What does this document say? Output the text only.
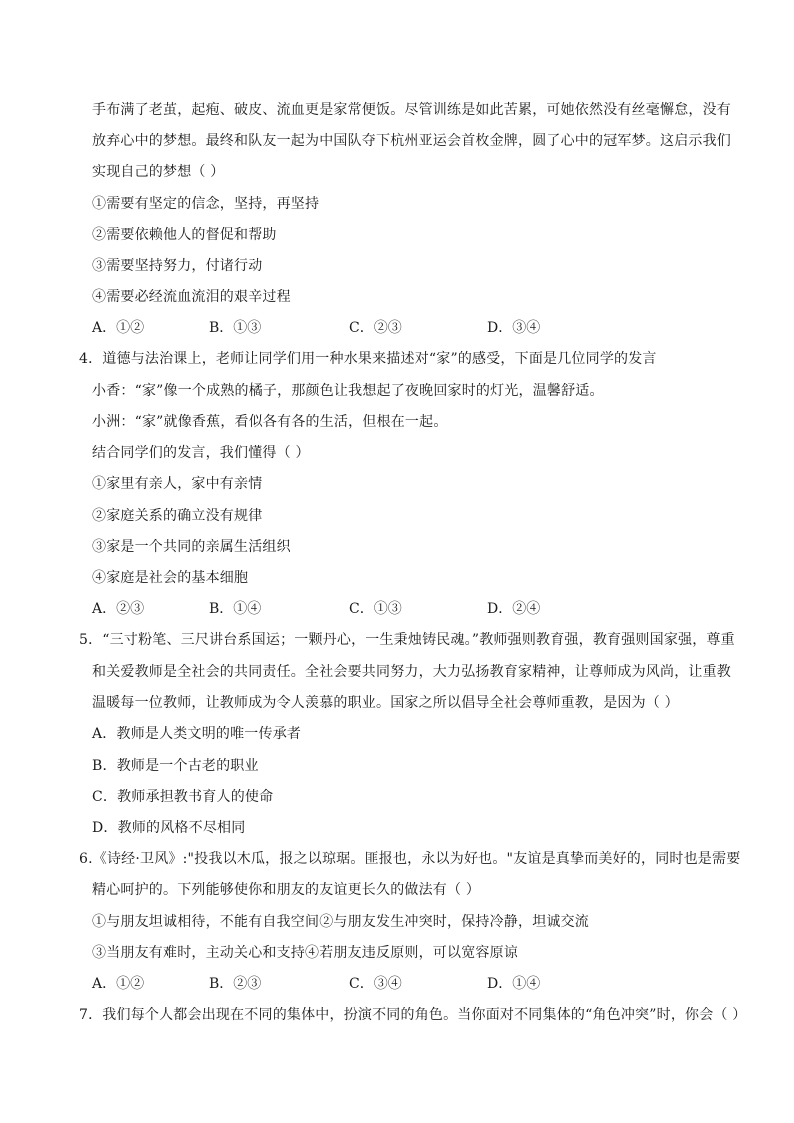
手布满了老茧，起疱、破皮、流血更是家常便饭。尽管训练是如此苦累，可她依然没有丝毫懈怠，没有
放弃心中的梦想。最终和队友一起为中国队夺下杭州亚运会首枚金牌，圆了心中的冠军梦。这启示我们
实现自己的梦想（ ）
①需要有坚定的信念，坚持，再坚持
②需要依赖他人的督促和帮助
③需要坚持努力，付诸行动
④需要必经流血流泪的艰辛过程
A．①②	B．①③	C．②③	D．③④
4．道德与法治课上，老师让同学们用一种水果来描述对“家”的感受，下面是几位同学的发言
小香：“家”像一个成熟的橘子，那颜色让我想起了夜晚回家时的灯光，温馨舒适。
小洲：“家”就像香蕉，看似各有各的生活，但根在一起。
结合同学们的发言，我们懂得（ ）
①家里有亲人，家中有亲情
②家庭关系的确立没有规律
③家是一个共同的亲属生活组织
④家庭是社会的基本细胞
A．②③	B．①④	C．①③	D．②④
5．“三寸粉笔、三尺讲台系国运；一颗丹心，一生秉烛铸民魂。”教师强则教育强，教育强则国家强，尊重
和关爱教师是全社会的共同责任。全社会要共同努力，大力弘扬教育家精神，让尊师成为风尚，让重教
温暖每一位教师，让教师成为令人羡慕的职业。国家之所以倡导全社会尊师重教，是因为（ ）
A．教师是人类文明的唯一传承者
B．教师是一个古老的职业
C．教师承担教书育人的使命
D．教师的风格不尽相同
6.《诗经·卫风》:"投我以木瓜，报之以琼琚。匪报也，永以为好也。"友谊是真挚而美好的，同时也是需要
精心呵护的。下列能够使你和朋友的友谊更长久的做法有（ ）
①与朋友坦诚相待，不能有自我空间②与朋友发生冲突时，保持冷静，坦诚交流
③当朋友有难时，主动关心和支持④若朋友违反原则，可以宽容原谅
A．①②	B．②③	C．③④	D．①④
7．我们每个人都会出现在不同的集体中，扮演不同的角色。当你面对不同集体的“角色冲突”时，你会（ ）
